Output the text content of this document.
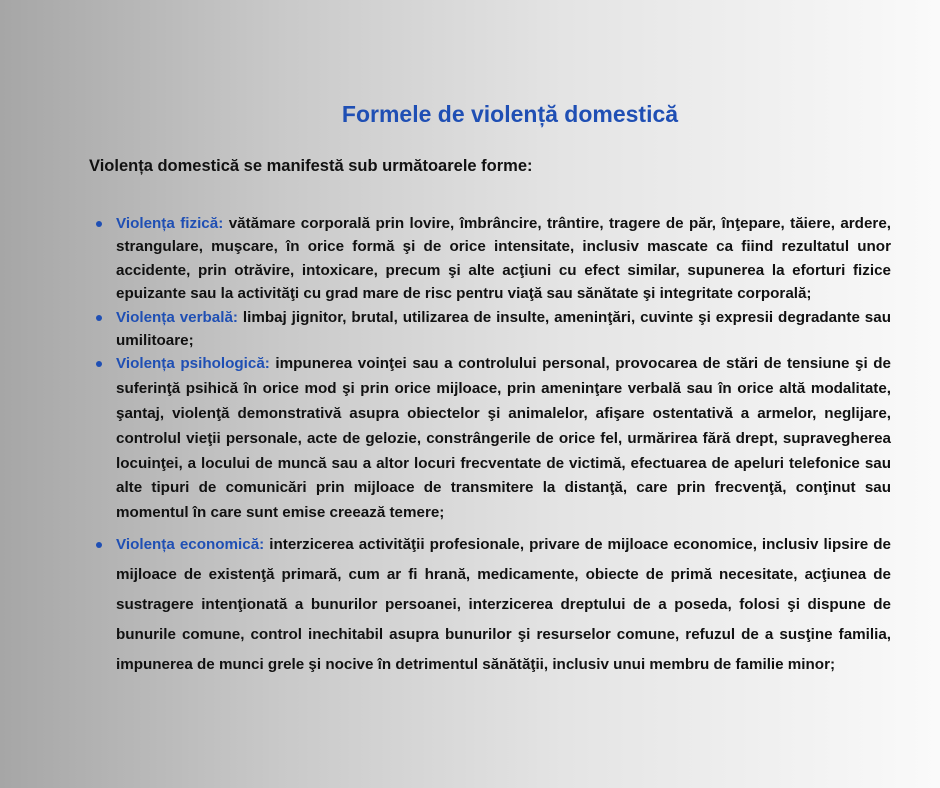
Formele de violență domestică

Violența domestică se manifestă sub următoarele forme:

Violența fizică: vătămare corporală prin lovire, îmbrâncire, trântire, tragere de păr, înţepare, tăiere, ardere, strangulare, muşcare, în orice formă şi de orice intensitate, inclusiv mascate ca fiind rezultatul unor accidente, prin otrăvire, intoxicare, precum şi alte acţiuni cu efect similar, supunerea la eforturi fizice epuizante sau la activităţi cu grad mare de risc pentru viaţă sau sănătate şi integritate corporală;
Violența verbală: limbaj jignitor, brutal, utilizarea de insulte, ameninţări, cuvinte şi expresii degradante sau umilitoare;
Violența psihologică: impunerea voinţei sau a controlului personal, provocarea de stări de tensiune şi de suferinţă psihică în orice mod şi prin orice mijloace, prin ameninţare verbală sau în orice altă modalitate, şantaj, violenţă demonstrativă asupra obiectelor şi animalelor, afişare ostentativă a armelor, neglijare, controlul vieţii personale, acte de gelozie, constrângerile de orice fel, urmărirea fără drept, supravegherea locuinţei, a locului de muncă sau a altor locuri frecventate de victimă, efectuarea de apeluri telefonice sau alte tipuri de comunicări prin mijloace de transmitere la distanţă, care prin frecvenţă, conţinut sau momentul în care sunt emise creează temere;
Violența economică: interzicerea activităţii profesionale, privare de mijloace economice, inclusiv lipsire de mijloace de existenţă primară, cum ar fi hrană, medicamente, obiecte de primă necesitate, acţiunea de sustragere intenţionată a bunurilor persoanei, interzicerea dreptului de a poseda, folosi şi dispune de bunurile comune, control inechitabil asupra bunurilor şi resurselor comune, refuzul de a susţine familia, impunerea de munci grele şi nocive în detrimentul sănătăţii, inclusiv unui membru de familie minor;
